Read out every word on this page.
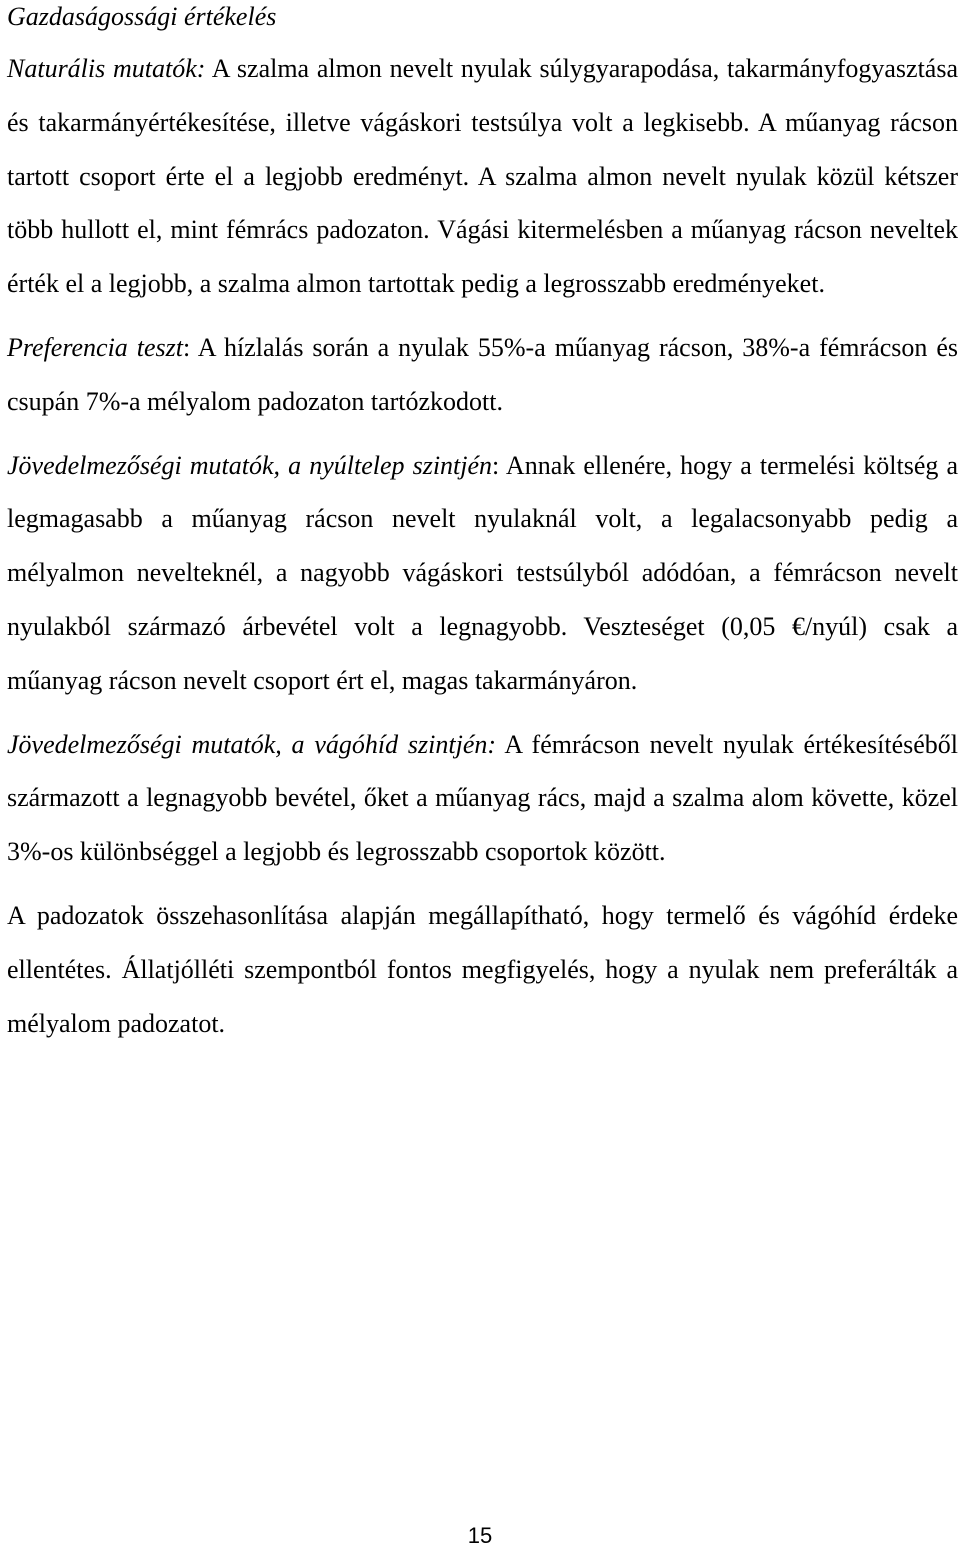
Gazdaságossági értékelés

Naturális mutatók: A szalma almon nevelt nyulak súlygyarapodása, takarmányfogyasztása és takarmányértékesítése, illetve vágáskori testsúlya volt a legkisebb. A műanyag rácson tartott csoport érte el a legjobb eredményt. A szalma almon nevelt nyulak közül kétszer több hullott el, mint fémrács padozaton. Vágási kitermelésben a műanyag rácson neveltek érték el a legjobb, a szalma almon tartottak pedig a legrosszabb eredményeket.

Preferencia teszt: A hízlalás során a nyulak 55%-a műanyag rácson, 38%-a fémrácson és csupán 7%-a mélyalom padozaton tartózkodott.

Jövedelmezőségi mutatók, a nyúltelep szintjén: Annak ellenére, hogy a termelési költség a legmagasabb a műanyag rácson nevelt nyulaknál volt, a legalacsonyabb pedig a mélyalmon nevelteknél, a nagyobb vágáskori testsúlyból adódóan, a fémrácson nevelt nyulakból származó árbevétel volt a legnagyobb. Veszteséget (0,05 €/nyúl) csak a műanyag rácson nevelt csoport ért el, magas takarmányáron.

Jövedelmezőségi mutatók, a vágóhíd szintjén: A fémrácson nevelt nyulak értékesítéséből származott a legnagyobb bevétel, őket a műanyag rács, majd a szalma alom követte, közel 3%-os különbséggel a legjobb és legrosszabb csoportok között.

A padozatok összehasonlítása alapján megállapítható, hogy termelő és vágóhíd érdeke ellentétes. Állatjólléti szempontból fontos megfigyelés, hogy a nyulak nem preferálták a mélyalom padozatot.

15
